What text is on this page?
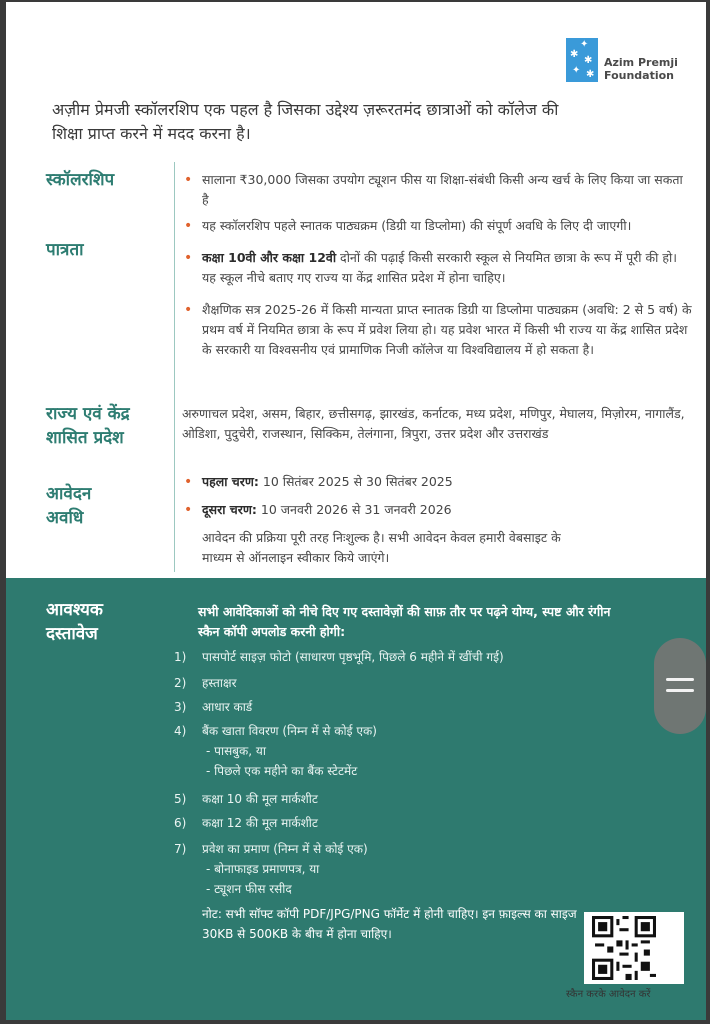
✦
✱
✱
✦ ✱
Azim Premji
Foundation
अज़ीम प्रेमजी स्कॉलरशिप एक पहल है जिसका उद्देश्य ज़रूरतमंद छात्राओं को कॉलेज की शिक्षा प्राप्त करने में मदद करना है।
स्कॉलरशिप	• सालाना ₹30,000 जिसका उपयोग ट्यूशन फीस या शिक्षा-संबंधी किसी अन्य खर्च के लिए किया जा सकता है
• यह स्कॉलरशिप पहले स्नातक पाठ्यक्रम (डिग्री या डिप्लोमा) की संपूर्ण अवधि के लिए दी जाएगी।
पात्रता	• कक्षा 10वी और कक्षा 12वी दोनों की पढ़ाई किसी सरकारी स्कूल से नियमित छात्रा के रूप में पूरी की हो। यह स्कूल नीचे बताए गए राज्य या केंद्र शासित प्रदेश में होना चाहिए।
• शैक्षणिक सत्र 2025-26 में किसी मान्यता प्राप्त स्नातक डिग्री या डिप्लोमा पाठ्यक्रम (अवधि: 2 से 5 वर्ष) के प्रथम वर्ष में नियमित छात्रा के रूप में प्रवेश लिया हो। यह प्रवेश भारत में किसी भी राज्य या केंद्र शासित प्रदेश के सरकारी या विश्वसनीय एवं प्रामाणिक निजी कॉलेज या विश्वविद्यालय में हो सकता है।
राज्य एवं केंद्र
शासित प्रदेश
अरुणाचल प्रदेश, असम, बिहार, छत्तीसगढ़, झारखंड, कर्नाटक, मध्य प्रदेश, मणिपुर, मेघालय, मिज़ोरम, नागालैंड, ओडिशा, पुदुचेरी, राजस्थान, सिक्किम, तेलंगाना, त्रिपुरा, उत्तर प्रदेश और उत्तराखंड
आवेदन
अवधि
• पहला चरण: 10 सितंबर 2025 से 30 सितंबर 2025
• दूसरा चरण: 10 जनवरी 2026 से 31 जनवरी 2026
आवेदन की प्रक्रिया पूरी तरह निःशुल्क है। सभी आवेदन केवल हमारी वेबसाइट के माध्यम से ऑनलाइन स्वीकार किये जाएंगे।
आवश्यक
दस्तावेज
सभी आवेदिकाओं को नीचे दिए गए दस्तावेज़ों की साफ़ तौर पर पढ़ने योग्य, स्पष्ट और रंगीन स्कैन कॉपी अपलोड करनी होगी:
1) पासपोर्ट साइज़ फोटो (साधारण पृष्ठभूमि, पिछले 6 महीने में खींची गई)
2) हस्ताक्षर
3) आधार कार्ड
4) बैंक खाता विवरण (निम्न में से कोई एक)
- पासबुक, या
- पिछले एक महीने का बैंक स्टेटमेंट
5) कक्षा 10 की मूल मार्कशीट
6) कक्षा 12 की मूल मार्कशीट
7) प्रवेश का प्रमाण (निम्न में से कोई एक)
- बोनाफाइड प्रमाणपत्र, या
- ट्यूशन फीस रसीद
नोट: सभी सॉफ्ट कॉपी PDF/JPG/PNG फॉर्मेट में होनी चाहिए। इन फ़ाइल्स का साइज 30KB से 500KB के बीच में होना चाहिए।
स्कैन करके आवेदन करें
